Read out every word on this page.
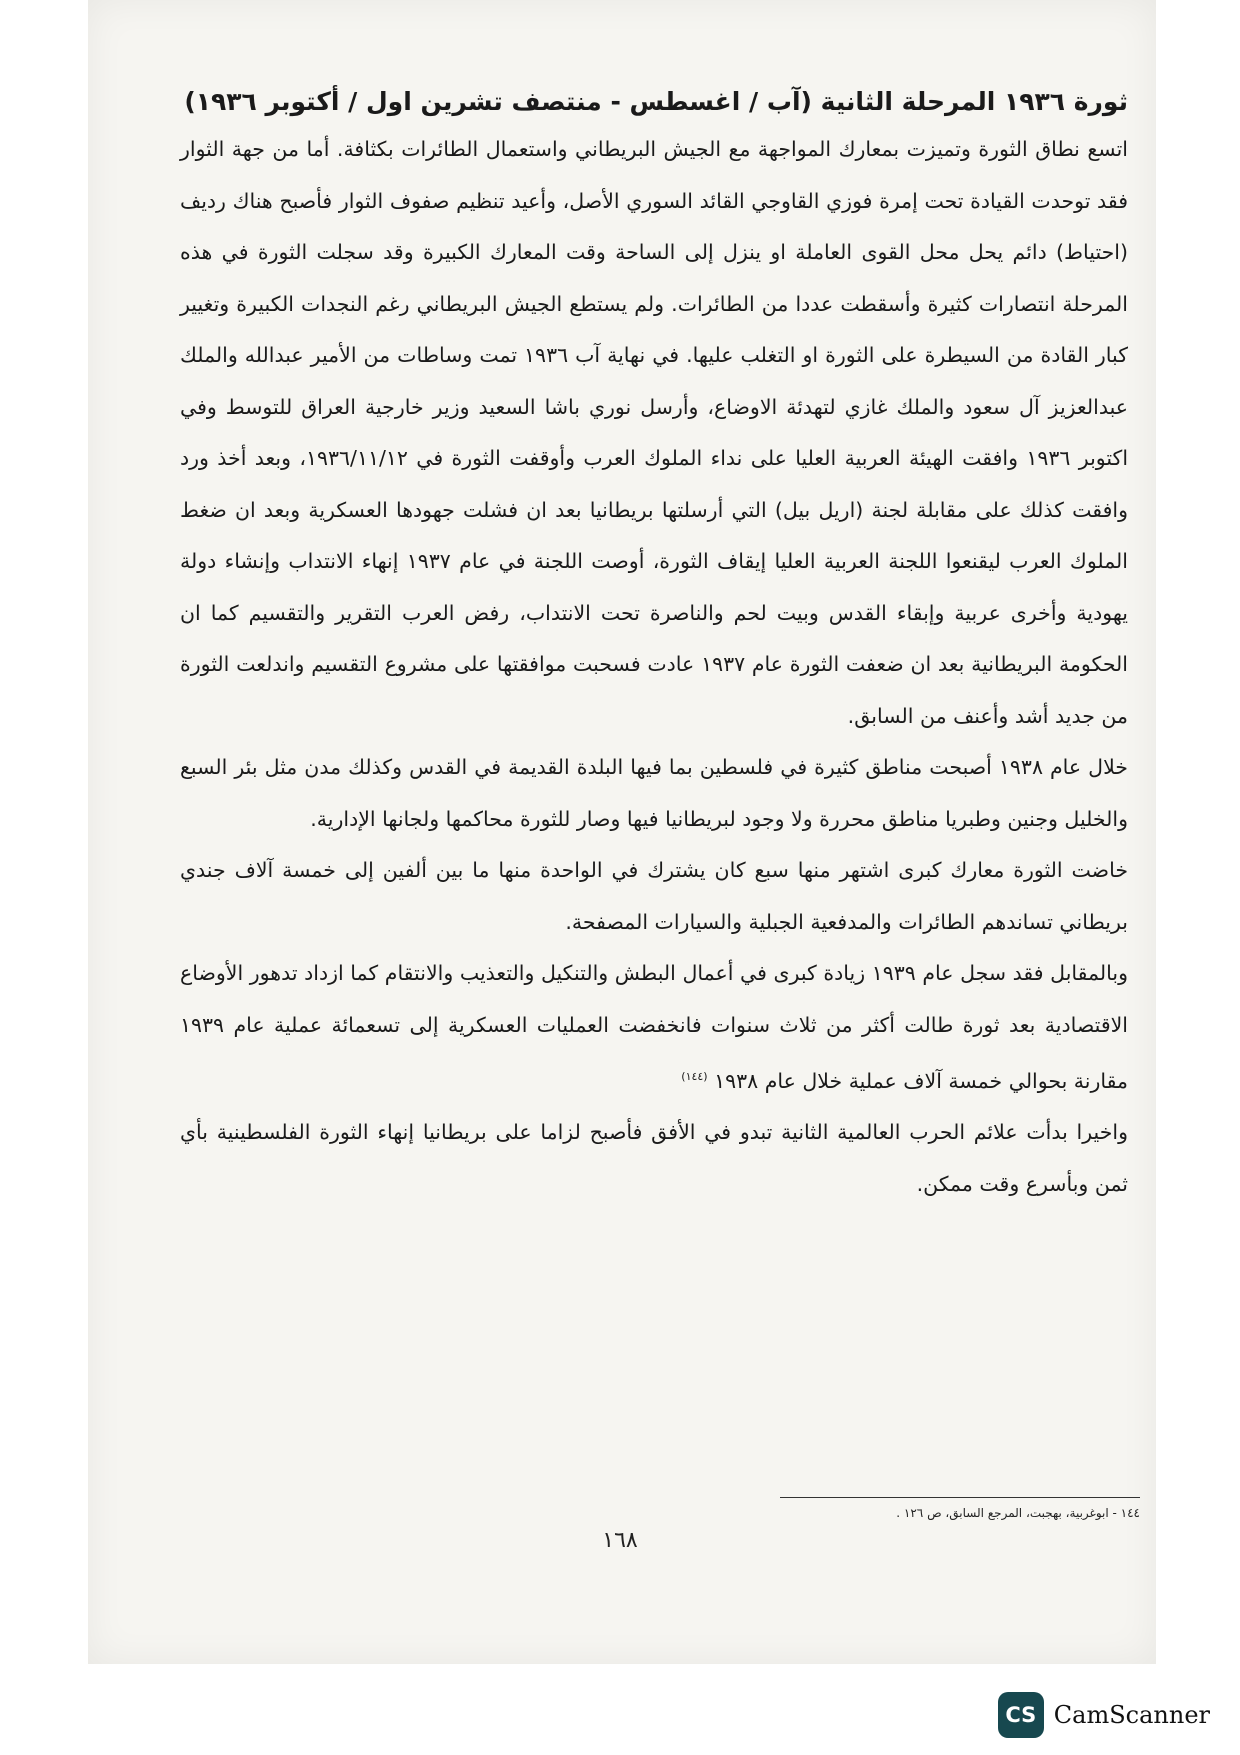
ثورة ١٩٣٦ المرحلة الثانية (آب / اغسطس - منتصف تشرين اول / أكتوبر ١٩٣٦)

اتسع نطاق الثورة وتميزت بمعارك المواجهة مع الجيش البريطاني واستعمال الطائرات بكثافة. أما من جهة الثوار فقد توحدت القيادة تحت إمرة فوزي القاوجي القائد السوري الأصل، وأعيد تنظيم صفوف الثوار فأصبح هناك رديف (احتياط) دائم يحل محل القوى العاملة او ينزل إلى الساحة وقت المعارك الكبيرة وقد سجلت الثورة في هذه المرحلة انتصارات كثيرة وأسقطت عددا من الطائرات. ولم يستطع الجيش البريطاني رغم النجدات الكبيرة وتغيير كبار القادة من السيطرة على الثورة او التغلب عليها. في نهاية آب ١٩٣٦ تمت وساطات من الأمير عبدالله والملك عبدالعزيز آل سعود والملك غازي لتهدئة الاوضاع، وأرسل نوري باشا السعيد وزير خارجية العراق للتوسط وفي اكتوبر ١٩٣٦ وافقت الهيئة العربية العليا على نداء الملوك العرب وأوقفت الثورة في ١٩٣٦/١١/١٢، وبعد أخذ ورد وافقت كذلك على مقابلة لجنة (اريل بيل) التي أرسلتها بريطانيا بعد ان فشلت جهودها العسكرية وبعد ان ضغط الملوك العرب ليقنعوا اللجنة العربية العليا إيقاف الثورة، أوصت اللجنة في عام ١٩٣٧ إنهاء الانتداب وإنشاء دولة يهودية وأخرى عربية وإبقاء القدس وبيت لحم والناصرة تحت الانتداب، رفض العرب التقرير والتقسيم كما ان الحكومة البريطانية بعد ان ضعفت الثورة عام ١٩٣٧ عادت فسحبت موافقتها على مشروع التقسيم واندلعت الثورة من جديد أشد وأعنف من السابق.

خلال عام ١٩٣٨ أصبحت مناطق كثيرة في فلسطين بما فيها البلدة القديمة في القدس وكذلك مدن مثل بئر السبع والخليل وجنين وطبريا مناطق محررة ولا وجود لبريطانيا فيها وصار للثورة محاكمها ولجانها الإدارية.

خاضت الثورة معارك كبرى اشتهر منها سبع كان يشترك في الواحدة منها ما بين ألفين إلى خمسة آلاف جندي بريطاني تساندهم الطائرات والمدفعية الجبلية والسيارات المصفحة.

وبالمقابل فقد سجل عام ١٩٣٩ زيادة كبرى في أعمال البطش والتنكيل والتعذيب والانتقام كما ازداد تدهور الأوضاع الاقتصادية بعد ثورة طالت أكثر من ثلاث سنوات فانخفضت العمليات العسكرية إلى تسعمائة عملية عام ١٩٣٩ مقارنة بحوالي خمسة آلاف عملية خلال عام ١٩٣٨ $^{(١٤٤)}$

واخيرا بدأت علائم الحرب العالمية الثانية تبدو في الأفق فأصبح لزاما على بريطانيا إنهاء الثورة الفلسطينية بأي ثمن وبأسرع وقت ممكن.

١٤٤ - ابوغربية، بهجبت، المرجع السابق، ص ١٢٦ .
١٦٨
CS CamScanner
